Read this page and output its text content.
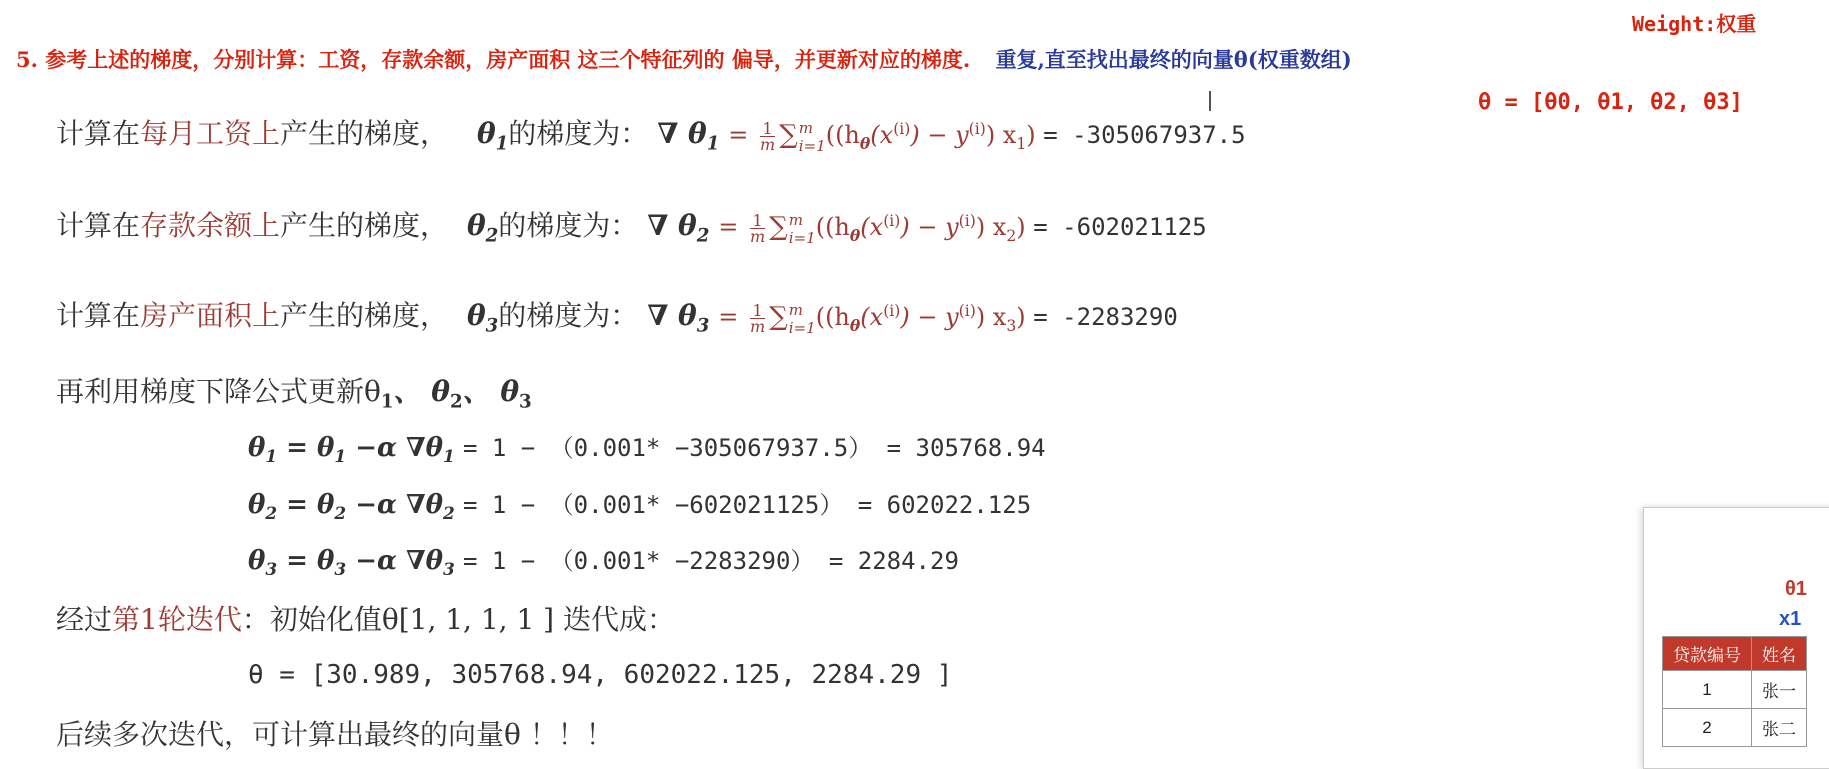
Weight:权重
θ = [θ0, θ1, θ2, θ3]
5. 参考上述的梯度，分别计算：工资，存款余额，房产面积 这三个特征列的 偏导，并更新对应的梯度. 重复,直至找出最终的向量θ(权重数组)
计算在每月工资上产生的梯度， $\theta_1$的梯度为： ∇ $\theta_1 = \frac{1}{m}$ ∑ m
i=1 $((h_\theta(x^{(i)}) - y^{(i)}) x_1) = -305067937.5$
计算在存款余额上产生的梯度， $\theta_2$的梯度为： ∇ $\theta_2 = \frac{1}{m}$ ∑ m
i=1 $((h_\theta(x^{(i)}) - y^{(i)}) x_2) = -602021125$
计算在房产面积上产生的梯度， $\theta_3$的梯度为： ∇ $\theta_3 = \frac{1}{m}$ ∑ m
i=1 $((h_\theta(x^{(i)}) - y^{(i)}) x_3) = -2283290$
再利用梯度下降公式更新$\theta_1$、 $\theta_2$、 $\theta_3$
$\theta_1 = \theta_1 -\alpha$ $\nabla\theta_1 = 1 - (0.001* -305067937.5) = 305768.94$
$\theta_2 = \theta_2 -\alpha$ $\nabla\theta_2 = 1 - (0.001* -602021125) = 602022.125$
$\theta_3 = \theta_3 -\alpha$ $\nabla\theta_3 = 1 - (0.001* -2283290) = 2284.29$
经过第1轮迭代：初始化值θ[1, 1, 1, 1 ] 迭代成：
θ = [30.989, 305768.94, 602022.125, 2284.29 ]
后续多次迭代，可计算出最终的向量θ ！！！
θ1
x1
贷款编号	姓名
1	张一
2	张二
